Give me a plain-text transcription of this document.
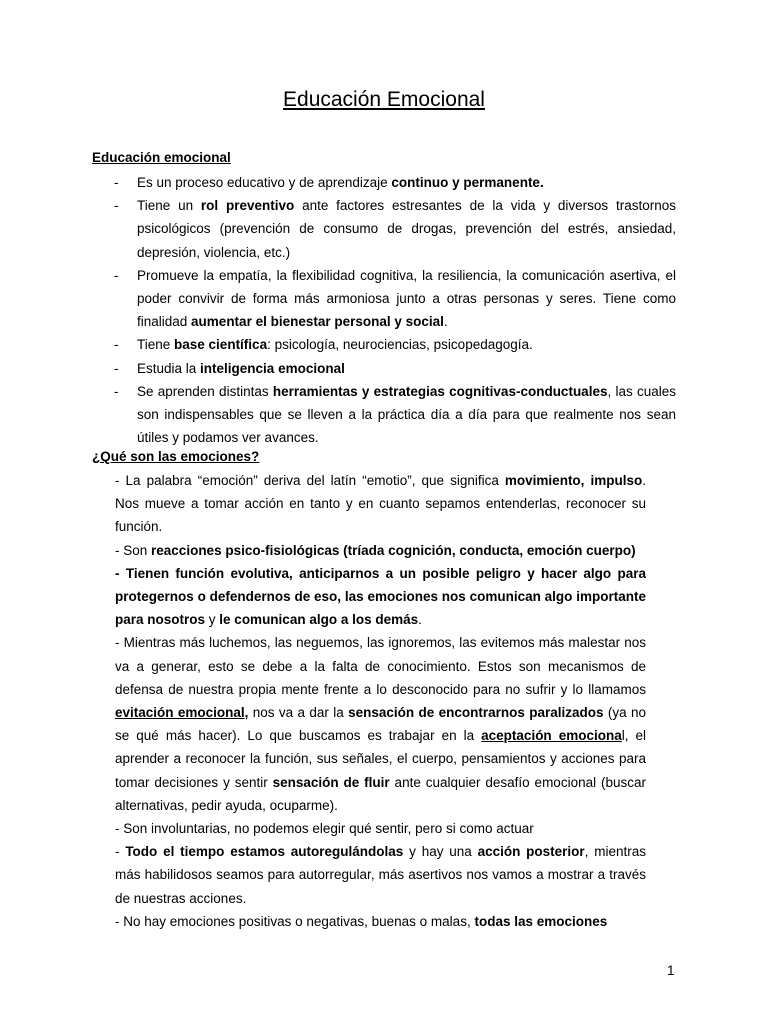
Educación Emocional
Educación emocional
- Es un proceso educativo y de aprendizaje continuo y permanente.
- Tiene un rol preventivo ante factores estresantes de la vida y diversos trastornos psicológicos (prevención de consumo de drogas, prevención del estrés, ansiedad, depresión, violencia, etc.)
- Promueve la empatía, la flexibilidad cognitiva, la resiliencia, la comunicación asertiva, el poder convivir de forma más armoniosa junto a otras personas y seres. Tiene como finalidad aumentar el bienestar personal y social.
- Tiene base científica: psicología, neurociencias, psicopedagogía.
- Estudia la inteligencia emocional
- Se aprenden distintas herramientas y estrategias cognitivas-conductuales, las cuales son indispensables que se lleven a la práctica día a día para que realmente nos sean útiles y podamos ver avances.
¿Qué son las emociones?
- La palabra “emoción” deriva del latín “emotio”, que significa movimiento, impulso. Nos mueve a tomar acción en tanto y en cuanto sepamos entenderlas, reconocer su función.
- Son reacciones psico-fisiológicas (tríada cognición, conducta, emoción cuerpo)
- Tienen función evolutiva, anticiparnos a un posible peligro y hacer algo para protegernos o defendernos de eso, las emociones nos comunican algo importante para nosotros y le comunican algo a los demás.
- Mientras más luchemos, las neguemos, las ignoremos, las evitemos más malestar nos va a generar, esto se debe a la falta de conocimiento. Estos son mecanismos de defensa de nuestra propia mente frente a lo desconocido para no sufrir y lo llamamos evitación emocional, nos va a dar la sensación de encontrarnos paralizados (ya no se qué más hacer). Lo que buscamos es trabajar en la aceptación emocional, el aprender a reconocer la función, sus señales, el cuerpo, pensamientos y acciones para tomar decisiones y sentir sensación de fluir ante cualquier desafío emocional (buscar alternativas, pedir ayuda, ocuparme).
- Son involuntarias, no podemos elegir qué sentir, pero si como actuar
- Todo el tiempo estamos autoregulándolas y hay una acción posterior, mientras más habilidosos seamos para autorregular, más asertivos nos vamos a mostrar a través de nuestras acciones.
- No hay emociones positivas o negativas, buenas o malas, todas las emociones
1
